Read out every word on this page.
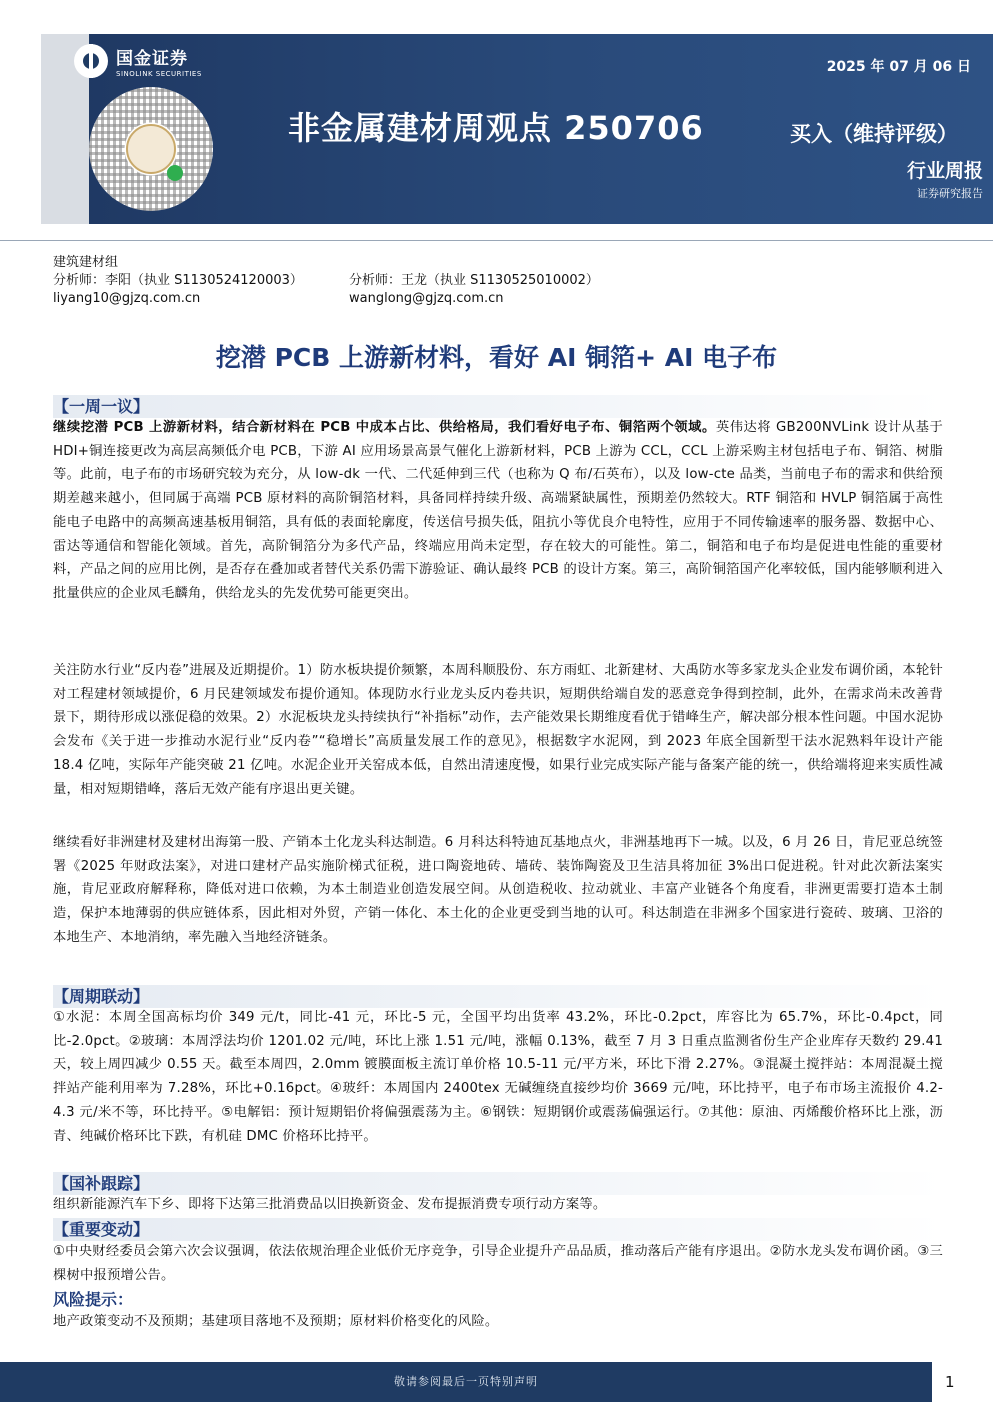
国金证券
SINOLINK SECURITIES	2025 年 07 月 06 日
非金属建材周观点 250706	买入（维持评级）
行业周报
证券研究报告
建筑建材组
分析师：李阳（执业 S1130524120003）	分析师：王龙（执业 S1130525010002）
liyang10@gjzq.com.cn	wanglong@gjzq.com.cn
挖潜 PCB 上游新材料，看好 AI 铜箔+ AI 电子布
【一周一议】
继续挖潜 PCB 上游新材料，结合新材料在 PCB 中成本占比、供给格局，我们看好电子布、铜箔两个领域。英伟达将 GB200NVLink 设计从基于 HDI+铜连接更改为高层高频低介电 PCB，下游 AI 应用场景高景气催化上游新材料，PCB 上游为 CCL，CCL 上游采购主材包括电子布、铜箔、树脂等。此前，电子布的市场研究较为充分，从 low-dk 一代、二代延伸到三代（也称为 Q 布/石英布），以及 low-cte 品类，当前电子布的需求和供给预期差越来越小，但同属于高端 PCB 原材料的高阶铜箔材料，具备同样持续升级、高端紧缺属性，预期差仍然较大。RTF 铜箔和 HVLP 铜箔属于高性能电子电路中的高频高速基板用铜箔，具有低的表面轮廓度，传送信号损失低，阻抗小等优良介电特性，应用于不同传输速率的服务器、数据中心、雷达等通信和智能化领域。首先，高阶铜箔分为多代产品，终端应用尚未定型，存在较大的可能性。第二，铜箔和电子布均是促进电性能的重要材料，产品之间的应用比例，是否存在叠加或者替代关系仍需下游验证、确认最终 PCB 的设计方案。第三，高阶铜箔国产化率较低，国内能够顺利进入批量供应的企业凤毛麟角，供给龙头的先发优势可能更突出。
关注防水行业“反内卷”进展及近期提价。1）防水板块提价频繁，本周科顺股份、东方雨虹、北新建材、大禹防水等多家龙头企业发布调价函，本轮针对工程建材领域提价，6 月民建领域发布提价通知。体现防水行业龙头反内卷共识，短期供给端自发的恶意竞争得到控制，此外，在需求尚未改善背景下，期待形成以涨促稳的效果。2）水泥板块龙头持续执行“补指标”动作，去产能效果长期维度看优于错峰生产，解决部分根本性问题。中国水泥协会发布《关于进一步推动水泥行业“反内卷”“稳增长”高质量发展工作的意见》，根据数字水泥网，到 2023 年底全国新型干法水泥熟料年设计产能 18.4 亿吨，实际年产能突破 21 亿吨。水泥企业开关窑成本低，自然出清速度慢，如果行业完成实际产能与备案产能的统一，供给端将迎来实质性减量，相对短期错峰，落后无效产能有序退出更关键。
继续看好非洲建材及建材出海第一股、产销本土化龙头科达制造。6 月科达科特迪瓦基地点火，非洲基地再下一城。以及，6 月 26 日，肯尼亚总统签署《2025 年财政法案》，对进口建材产品实施阶梯式征税，进口陶瓷地砖、墙砖、装饰陶瓷及卫生洁具将加征 3%出口促进税。针对此次新法案实施，肯尼亚政府解释称，降低对进口依赖，为本土制造业创造发展空间。从创造税收、拉动就业、丰富产业链各个角度看，非洲更需要打造本土制造，保护本地薄弱的供应链体系，因此相对外贸，产销一体化、本土化的企业更受到当地的认可。科达制造在非洲多个国家进行瓷砖、玻璃、卫浴的本地生产、本地消纳，率先融入当地经济链条。
【周期联动】
①水泥：本周全国高标均价 349 元/t，同比-41 元，环比-5 元，全国平均出货率 43.2%，环比-0.2pct，库容比为 65.7%，环比-0.4pct，同比-2.0pct。②玻璃：本周浮法均价 1201.02 元/吨，环比上涨 1.51 元/吨，涨幅 0.13%，截至 7 月 3 日重点监测省份生产企业库存天数约 29.41 天，较上周四减少 0.55 天。截至本周四，2.0mm 镀膜面板主流订单价格 10.5-11 元/平方米，环比下滑 2.27%。③混凝土搅拌站：本周混凝土搅拌站产能利用率为 7.28%，环比+0.16pct。④玻纤：本周国内 2400tex 无碱缠绕直接纱均价 3669 元/吨，环比持平，电子布市场主流报价 4.2-4.3 元/米不等，环比持平。⑤电解铝：预计短期铝价将偏强震荡为主。⑥钢铁：短期钢价或震荡偏强运行。⑦其他：原油、丙烯酸价格环比上涨，沥青、纯碱价格环比下跌，有机硅 DMC 价格环比持平。
【国补跟踪】
组织新能源汽车下乡、即将下达第三批消费品以旧换新资金、发布提振消费专项行动方案等。
【重要变动】
①中央财经委员会第六次会议强调，依法依规治理企业低价无序竞争，引导企业提升产品品质，推动落后产能有序退出。②防水龙头发布调价函。③三棵树中报预增公告。
风险提示：
地产政策变动不及预期；基建项目落地不及预期；原材料价格变化的风险。
敬请参阅最后一页特别声明	1
